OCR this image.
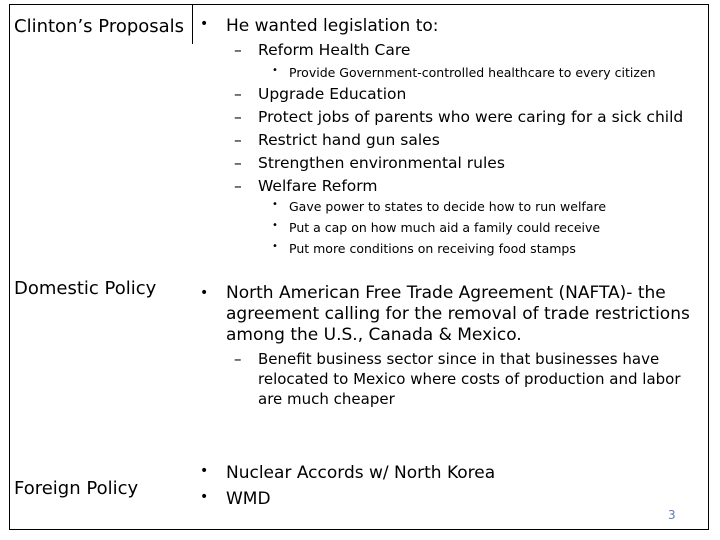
Clinton’s Proposals • He wanted legislation to:
– Reform Health Care
• Provide Government-controlled healthcare to every citizen
– Upgrade Education
– Protect jobs of parents who were caring for a sick child
– Restrict hand gun sales
– Strengthen environmental rules
– Welfare Reform
• Gave power to states to decide how to run welfare
• Put a cap on how much aid a family could receive
• Put more conditions on receiving food stamps
Domestic Policy	• North American Free Trade Agreement (NAFTA)- the agreement calling for the removal of trade restrictions among the U.S., Canada & Mexico.
– Benefit business sector since in that businesses have relocated to Mexico where costs of production and labor are much cheaper
Foreign Policy
• Nuclear Accords w/ North Korea
• WMD
3
